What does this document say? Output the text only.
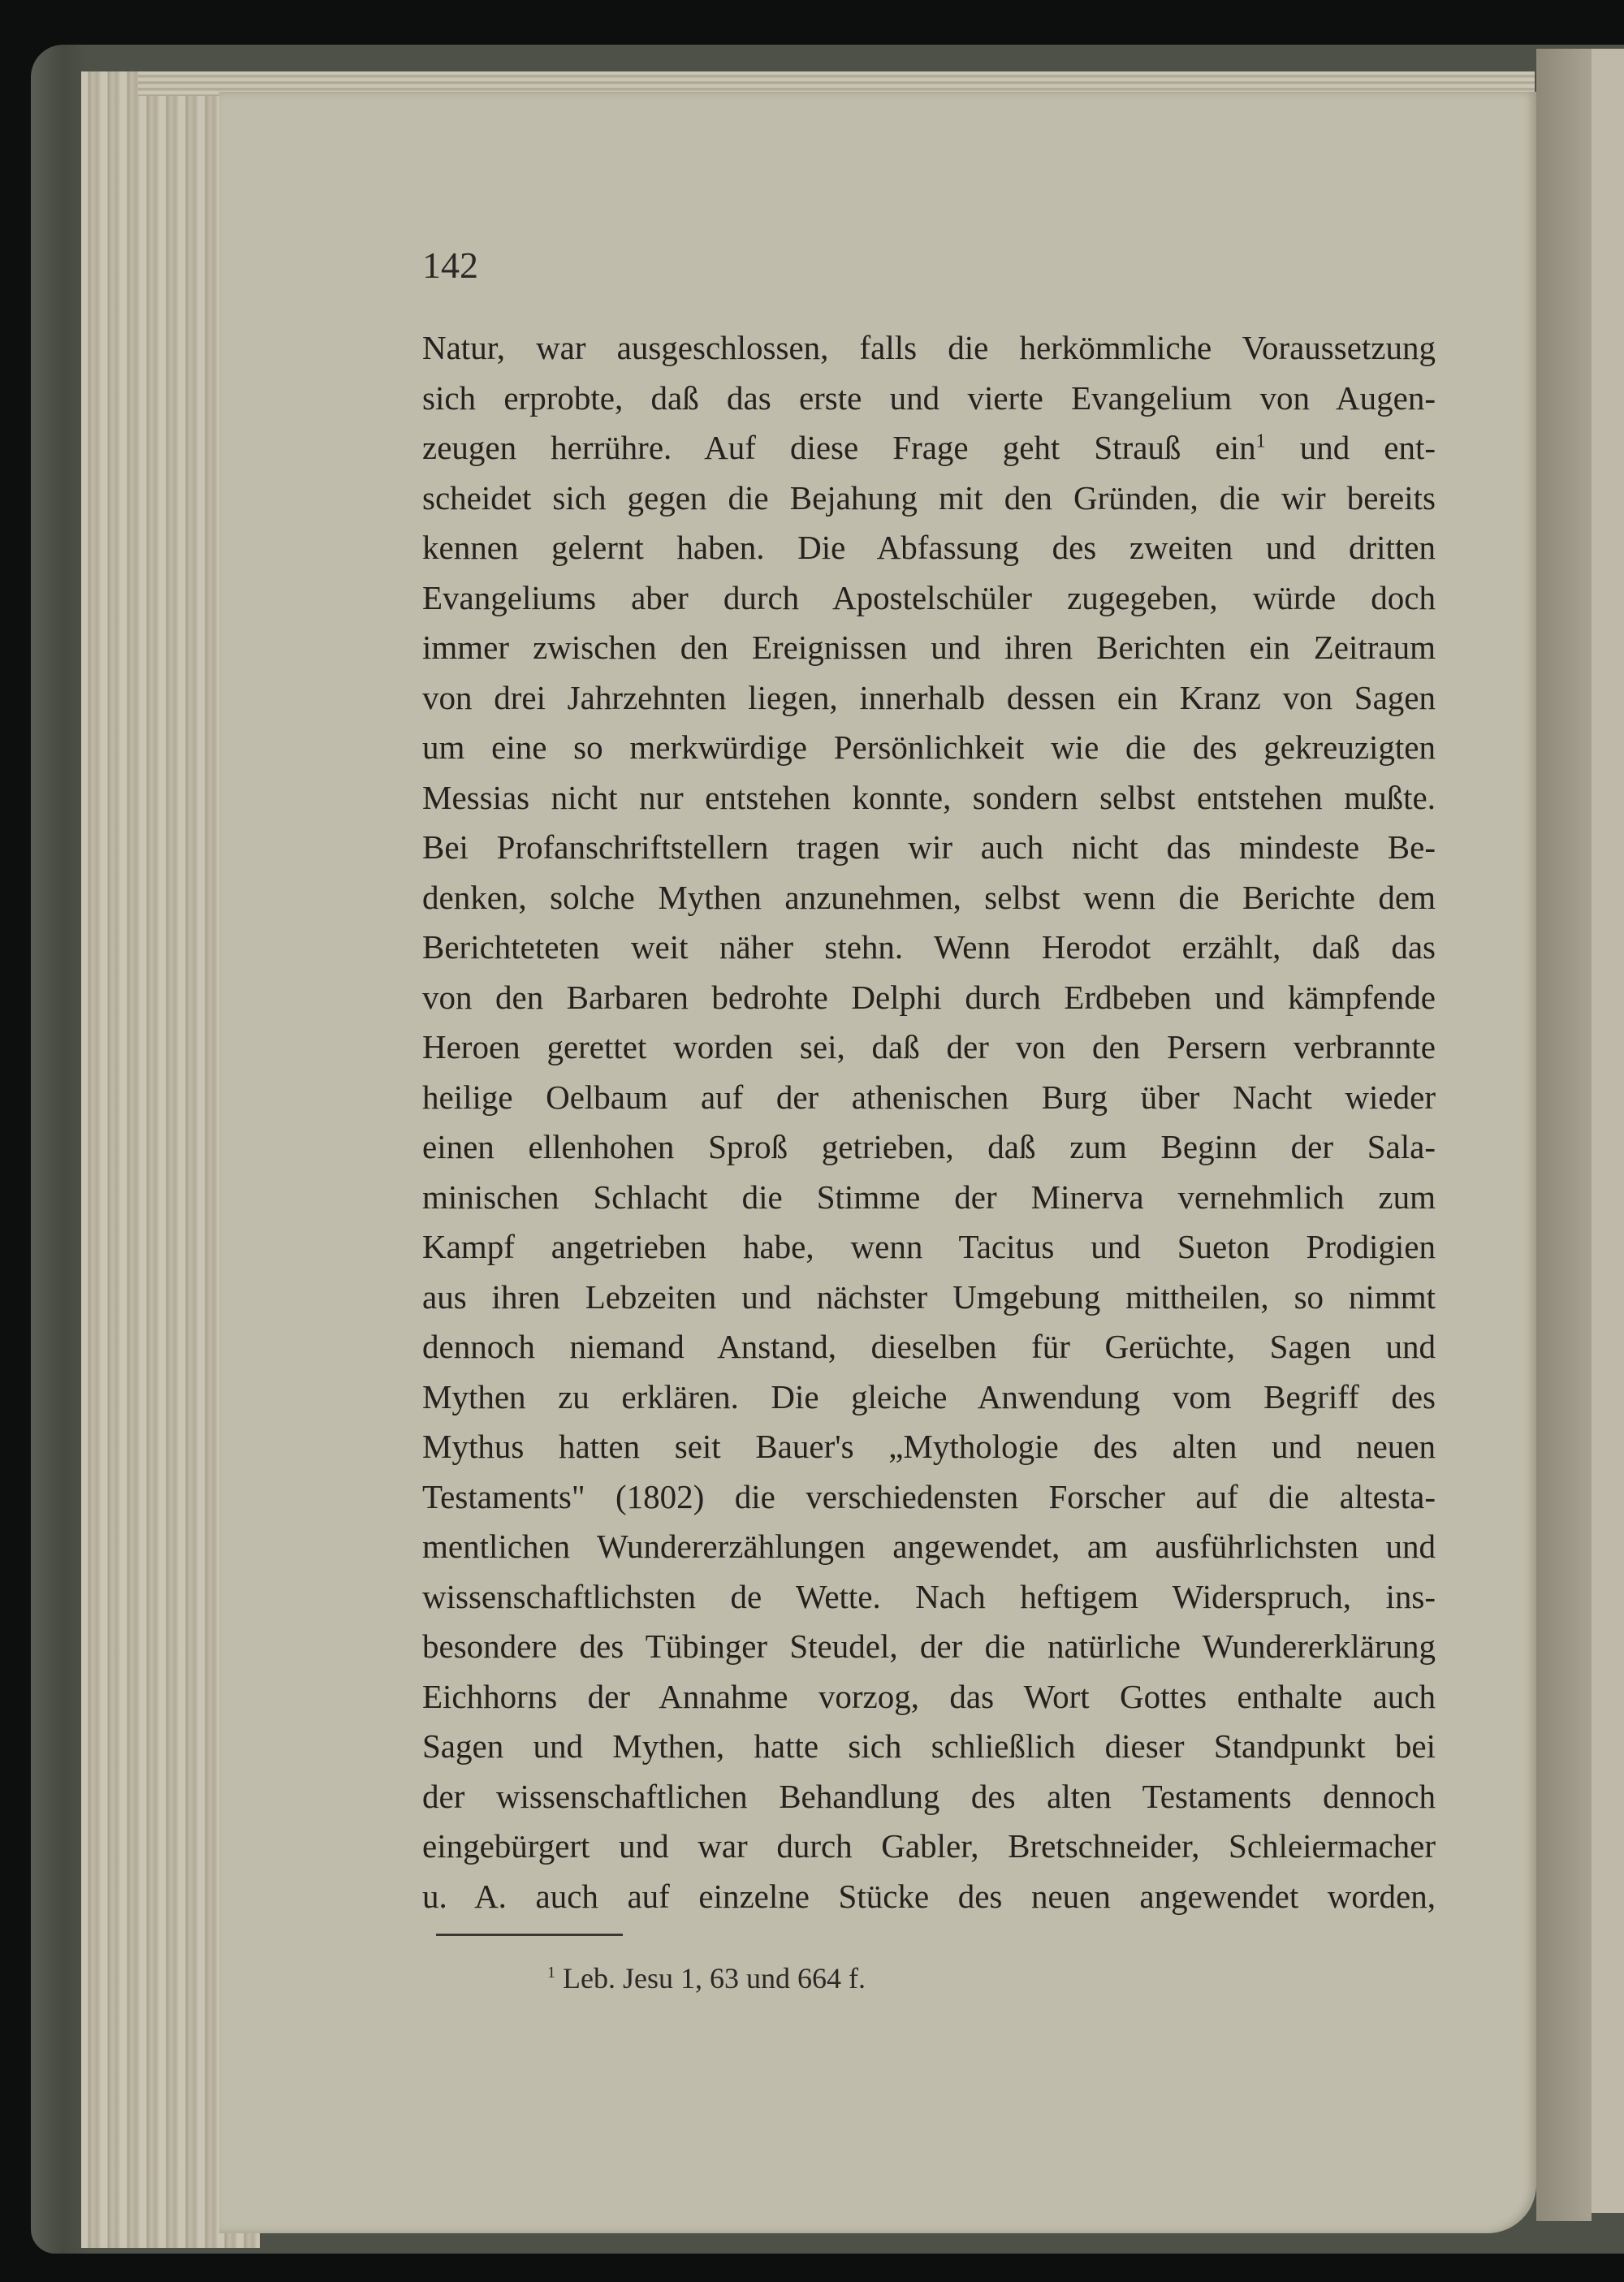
142
Natur, war ausgeschlossen, falls die herkömmliche Voraussetzung
sich erprobte, daß das erste und vierte Evangelium von Augen-
zeugen herrühre. Auf diese Frage geht Strauß ein$^1$ und ent-
scheidet sich gegen die Bejahung mit den Gründen, die wir bereits
kennen gelernt haben. Die Abfassung des zweiten und dritten
Evangeliums aber durch Apostelschüler zugegeben, würde doch
immer zwischen den Ereignissen und ihren Berichten ein Zeitraum
von drei Jahrzehnten liegen, innerhalb dessen ein Kranz von Sagen
um eine so merkwürdige Persönlichkeit wie die des gekreuzigten
Messias nicht nur entstehen konnte, sondern selbst entstehen mußte.
Bei Profanschriftstellern tragen wir auch nicht das mindeste Be-
denken, solche Mythen anzunehmen, selbst wenn die Berichte dem
Berichteteten weit näher stehn. Wenn Herodot erzählt, daß das
von den Barbaren bedrohte Delphi durch Erdbeben und kämpfende
Heroen gerettet worden sei, daß der von den Persern verbrannte
heilige Oelbaum auf der athenischen Burg über Nacht wieder
einen ellenhohen Sproß getrieben, daß zum Beginn der Sala-
minischen Schlacht die Stimme der Minerva vernehmlich zum
Kampf angetrieben habe, wenn Tacitus und Sueton Prodigien
aus ihren Lebzeiten und nächster Umgebung mittheilen, so nimmt
dennoch niemand Anstand, dieselben für Gerüchte, Sagen und
Mythen zu erklären. Die gleiche Anwendung vom Begriff des
Mythus hatten seit Bauer's „Mythologie des alten und neuen
Testaments" (1802) die verschiedensten Forscher auf die altesta-
mentlichen Wundererzählungen angewendet, am ausführlichsten und
wissenschaftlichsten de Wette. Nach heftigem Widerspruch, ins-
besondere des Tübinger Steudel, der die natürliche Wundererklärung
Eichhorns der Annahme vorzog, das Wort Gottes enthalte auch
Sagen und Mythen, hatte sich schließlich dieser Standpunkt bei
der wissenschaftlichen Behandlung des alten Testaments dennoch
eingebürgert und war durch Gabler, Bretschneider, Schleiermacher
u. A. auch auf einzelne Stücke des neuen angewendet worden,
$^1$ Leb. Jesu 1, 63 und 664 f.
